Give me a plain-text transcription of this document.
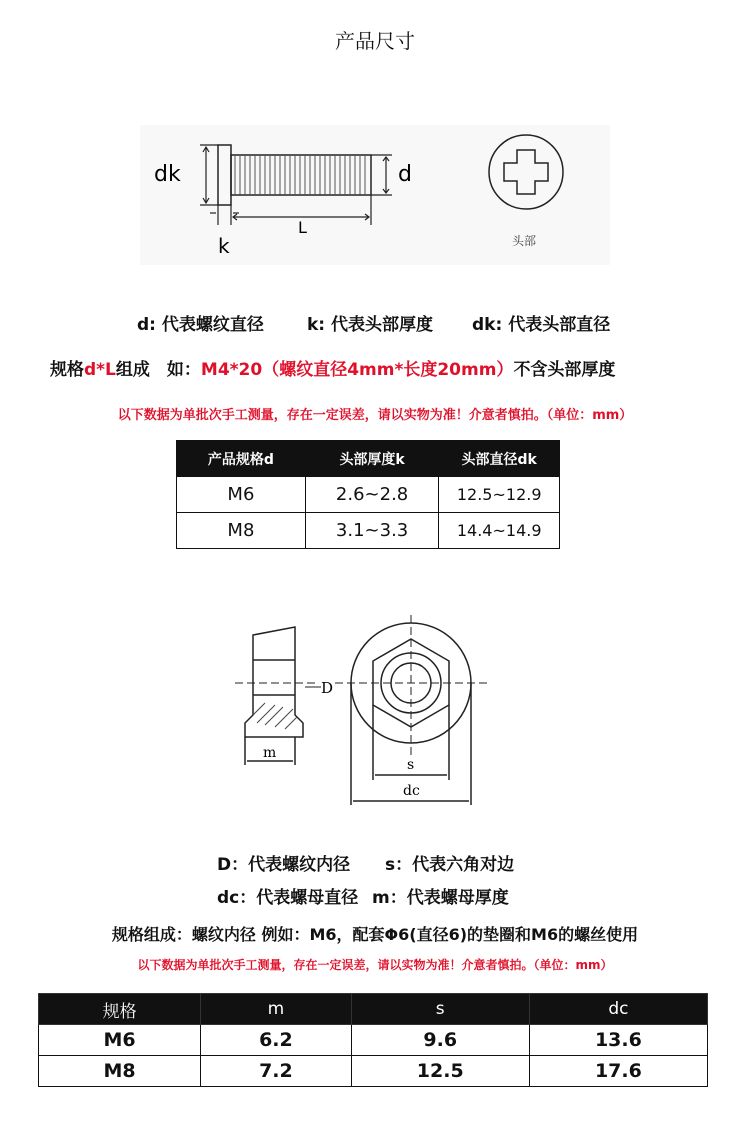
产品尺寸
dk	d
L
k	头部
d: 代表螺纹直径	k: 代表头部厚度 dk: 代表头部直径
规格d*L组成　如：M4*20（螺纹直径4mm*长度20mm）不含头部厚度
以下数据为单批次手工测量，存在一定误差，请以实物为准！介意者慎拍。（单位：mm）
产品规格d	头部厚度k	头部直径dk
M6	2.6~2.8	12.5~12.9
M8	3.1~3.3	14.4~14.9
D
m
s
dc
D：代表螺纹内径 s：代表六角对边
dc：代表螺母直径 m：代表螺母厚度
规格组成：螺纹内径 例如：M6，配套Φ6(直径6)的垫圈和M6的螺丝使用
以下数据为单批次手工测量，存在一定误差，请以实物为准！介意者慎拍。（单位：mm）
规格	m	s	dc
M6	6.2	9.6	13.6
M8	7.2	12.5	17.6
